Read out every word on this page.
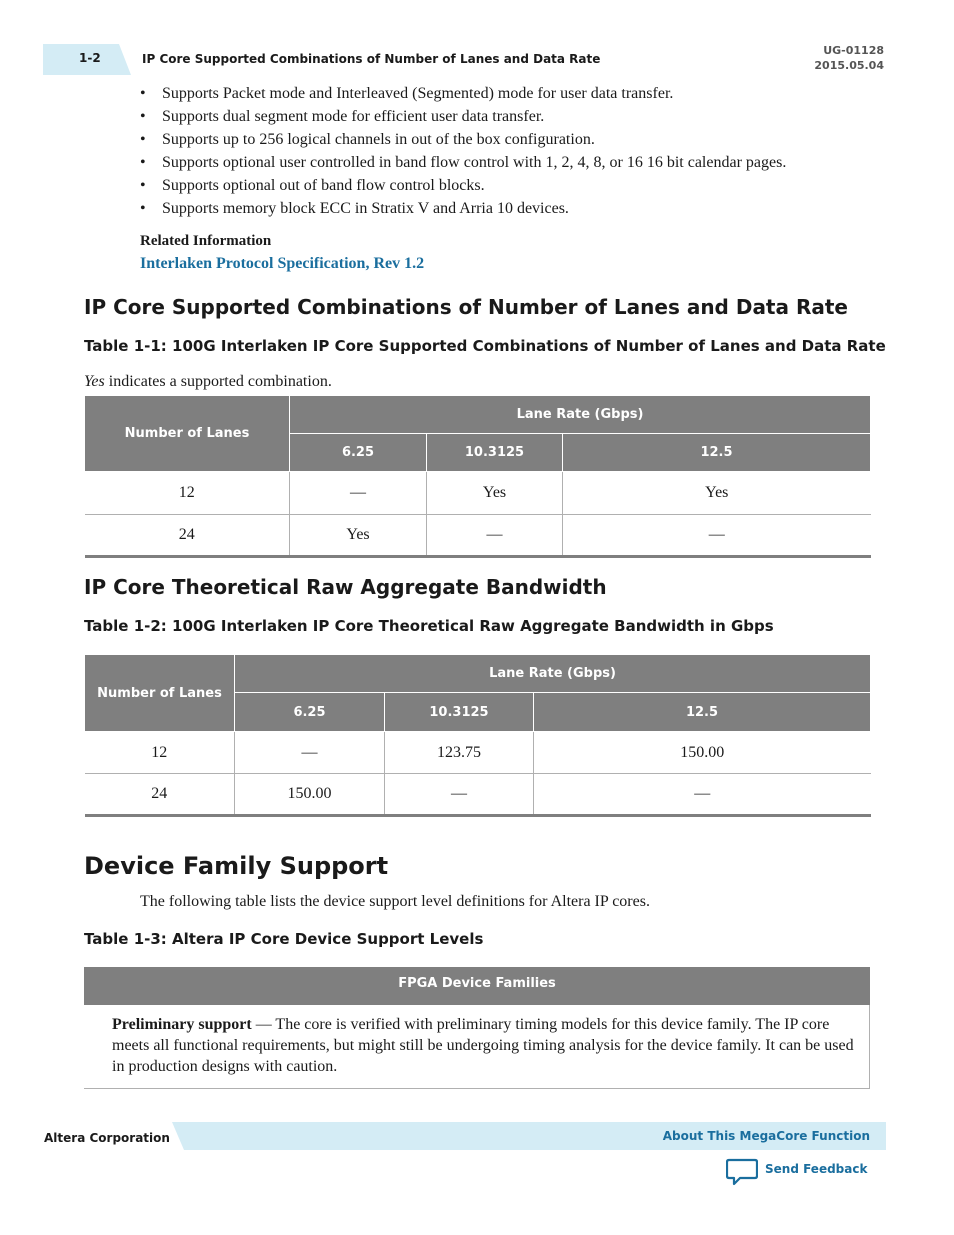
1-2	IP Core Supported Combinations of Number of Lanes and Data Rate
UG-01128
2015.05.04
• Supports Packet mode and Interleaved (Segmented) mode for user data transfer.
• Supports dual segment mode for efficient user data transfer.
• Supports up to 256 logical channels in out of the box configuration.
• Supports optional user controlled in band flow control with 1, 2, 4, 8, or 16 16 bit calendar pages.
• Supports optional out of band flow control blocks.
• Supports memory block ECC in Stratix V and Arria 10 devices.
Related Information
Interlaken Protocol Specification, Rev 1.2
IP Core Supported Combinations of Number of Lanes and Data Rate
Table 1-1: 100G Interlaken IP Core Supported Combinations of Number of Lanes and Data Rate
Yes indicates a supported combination.
Number of Lanes	Lane Rate (Gbps)		
	6.25	10.3125	12.5
12	—	Yes	Yes
24	Yes	—	—
IP Core Theoretical Raw Aggregate Bandwidth
Table 1-2: 100G Interlaken IP Core Theoretical Raw Aggregate Bandwidth in Gbps
Number of Lanes	Lane Rate (Gbps)		
	6.25	10.3125	12.5
12	—	123.75	150.00
24	150.00	—	—
Device Family Support
The following table lists the device support level definitions for Altera IP cores.
Table 1-3: Altera IP Core Device Support Levels
FPGA Device Families
Preliminary support — The core is verified with preliminary timing models for this device family. The IP core meets all functional requirements, but might still be undergoing timing analysis for the device family. It can be used in production designs with caution.
Altera Corporation	About This MegaCore Function
Send Feedback
